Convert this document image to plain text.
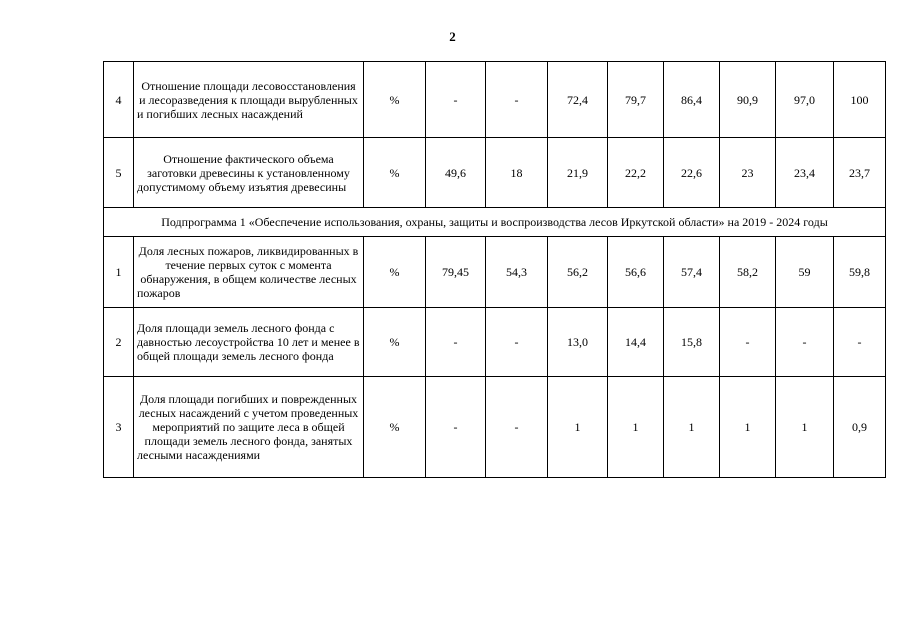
2
4	Отношение площади лесовосстановления и лесоразведения к площади вырубленных и погибших лесных насаждений	%	-	-	72,4	79,7	86,4	90,9	97,0	100
5	Отношение фактического объема заготовки древесины к установленному допустимому объему изъятия древесины	%	49,6	18	21,9	22,2	22,6	23	23,4	23,7
Подпрограмма 1 «Обеспечение использования, охраны, защиты и воспроизводства лесов Иркутской области» на 2019 - 2024 годы										
1	Доля лесных пожаров, ликвидированных в течение первых суток с момента обнаружения, в общем количестве лесных пожаров	%	79,45	54,3	56,2	56,6	57,4	58,2	59	59,8
2	Доля площади земель лесного фонда с давностью лесоустройства 10 лет и менее в общей площади земель лесного фонда	%	-	-	13,0	14,4	15,8	-	-	-
3	Доля площади погибших и поврежденных лесных насаждений с учетом проведенных мероприятий по защите леса в общей площади земель лесного фонда, занятых лесными насаждениями	%	-	-	1	1	1	1	1	0,9
